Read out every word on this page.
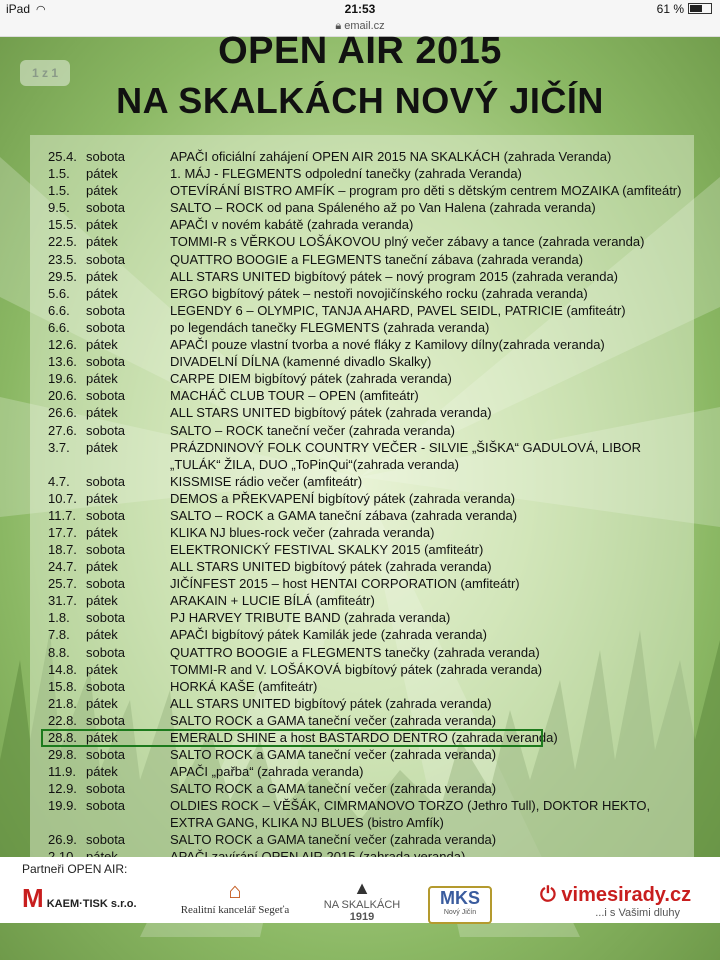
iPad ◠	21:53	61 %
🔒︎ email.cz
1 z 1
OPEN AIR 2015
NA SKALKÁCH NOVÝ JIČÍN
25.4. sobota	APAČI oficiální zahájení OPEN AIR 2015 NA SKALKÁCH (zahrada Veranda)
1.5.	pátek	1. MÁJ - FLEGMENTS odpolední tanečky (zahrada Veranda)
1.5.	pátek	OTEVÍRÁNÍ BISTRO AMFÍK – program pro děti s dětským centrem MOZAIKA (amfiteátr)
9.5.	sobota	SALTO – ROCK od pana Spáleného až po Van Halena (zahrada veranda)
15.5. pátek	APAČI v novém kabátě (zahrada veranda)
22.5. pátek	TOMMI-R s VĚRKOU LOŠÁKOVOU plný večer zábavy a tance (zahrada veranda)
23.5. sobota	QUATTRO BOOGIE a FLEGMENTS taneční zábava (zahrada veranda)
29.5. pátek	ALL STARS UNITED bigbítový pátek – nový program 2015 (zahrada veranda)
5.6.	pátek	ERGO bigbítový pátek – nestoři novojičínského rocku (zahrada veranda)
6.6.	sobota	LEGENDY 6 – OLYMPIC, TANJA AHARD, PAVEL SEIDL, PATRICIE (amfiteátr)
6.6.	sobota	po legendách tanečky FLEGMENTS (zahrada veranda)
12.6. pátek	APAČI pouze vlastní tvorba a nové fláky z Kamilovy dílny(zahrada veranda)
13.6. sobota	DIVADELNÍ DÍLNA (kamenné divadlo Skalky)
19.6. pátek	CARPE DIEM bigbítový pátek (zahrada veranda)
20.6. sobota	MACHÁČ CLUB TOUR – OPEN (amfiteátr)
26.6. pátek	ALL STARS UNITED bigbítový pátek (zahrada veranda)
27.6. sobota	SALTO – ROCK taneční večer (zahrada veranda)
3.7.	pátek	PRÁZDNINOVÝ FOLK COUNTRY VEČER - SILVIE „ŠIŠKA“ GADULOVÁ, LIBOR „TULÁK“ ŽILA, DUO „ToPinQui“(zahrada veranda)
4.7.	sobota	KISSMISE rádio večer (amfiteátr)
10.7. pátek	DEMOS a PŘEKVAPENÍ bigbítový pátek (zahrada veranda)
11.7. sobota	SALTO – ROCK a GAMA taneční zábava (zahrada veranda)
17.7. pátek	KLIKA NJ blues-rock večer (zahrada veranda)
18.7. sobota	ELEKTRONICKÝ FESTIVAL SKALKY 2015 (amfiteátr)
24.7. pátek	ALL STARS UNITED bigbítový pátek (zahrada veranda)
25.7. sobota	JIČÍNFEST 2015 – host HENTAI CORPORATION (amfiteátr)
31.7. pátek	ARAKAIN + LUCIE BÍLÁ (amfiteátr)
1.8.	sobota	PJ HARVEY TRIBUTE BAND (zahrada veranda)
7.8.	pátek	APAČI bigbítový pátek Kamilák jede (zahrada veranda)
8.8.	sobota	QUATTRO BOOGIE a FLEGMENTS tanečky (zahrada veranda)
14.8. pátek	TOMMI-R and V. LOŠÁKOVÁ bigbítový pátek (zahrada veranda)
15.8. sobota	HORKÁ KAŠE (amfiteátr)
21.8. pátek	ALL STARS UNITED bigbítový pátek (zahrada veranda)
22.8. sobota	SALTO ROCK a GAMA taneční večer (zahrada veranda)
28.8. pátek	EMERALD SHINE a host BASTARDO DENTRO (zahrada veranda)
29.8. sobota	SALTO ROCK a GAMA taneční večer (zahrada veranda)
11.9. pátek	APAČI „pařba“ (zahrada veranda)
12.9. sobota	SALTO ROCK a GAMA taneční večer (zahrada veranda)
19.9. sobota	OLDIES ROCK – VĚŠÁK, CIMRMANOVO TORZO (Jethro Tull), DOKTOR HEKTO, EXTRA GANG, KLIKA NJ BLUES (bistro Amfík)
26.9. sobota	SALTO ROCK a GAMA taneční večer (zahrada veranda)
Partneři OPEN AIR:
M KAEM·TISK s.r.o.
⌂
Realitní kancelář Segeťa
▲
NA SKALKÁCH
1919
MKS
Nový Jičín
⏻ vimesirady.cz
...i s Vašimi dluhy
